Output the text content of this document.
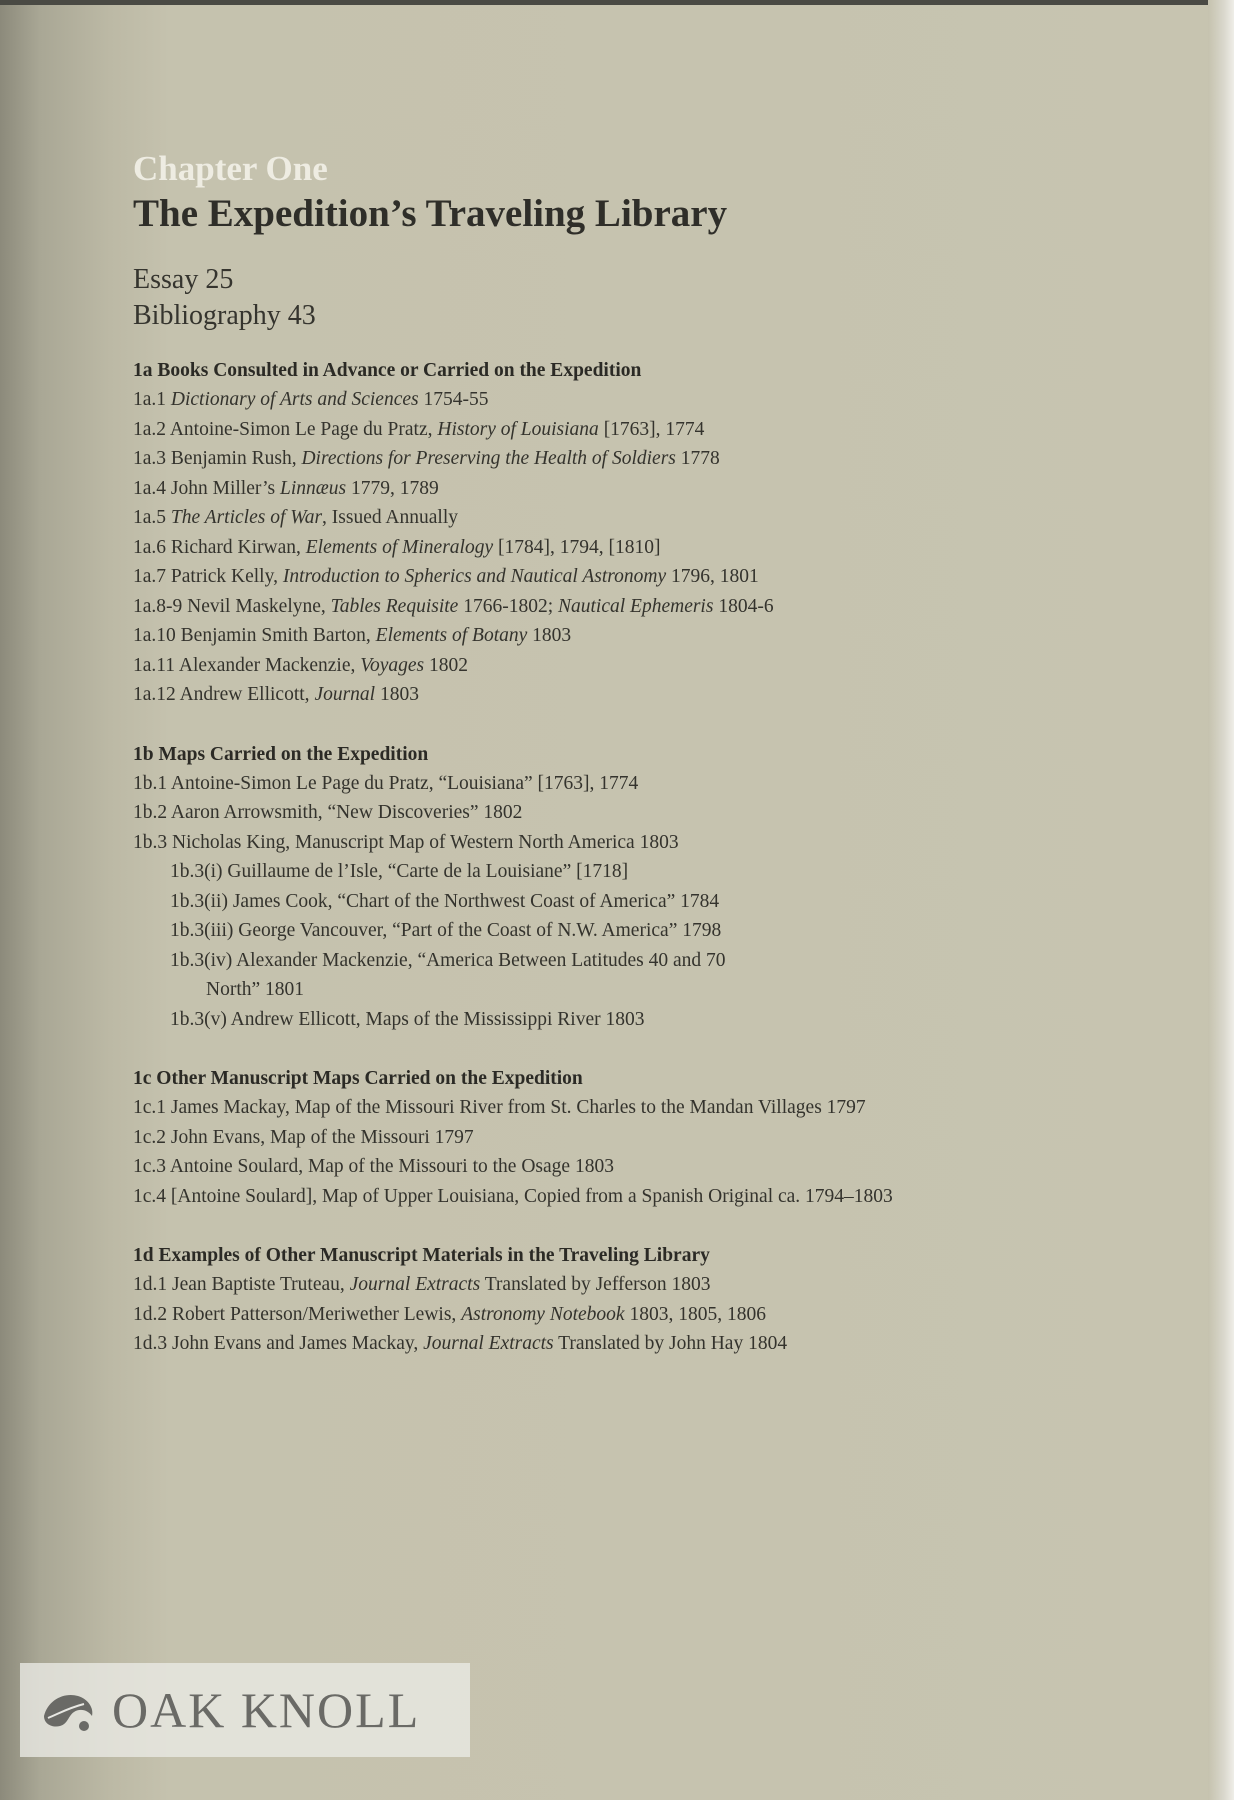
Chapter One
The Expedition’s Traveling Library
Essay 25
Bibliography 43
1a Books Consulted in Advance or Carried on the Expedition
1a.1 Dictionary of Arts and Sciences 1754-55
1a.2 Antoine-Simon Le Page du Pratz, History of Louisiana [1763], 1774
1a.3 Benjamin Rush, Directions for Preserving the Health of Soldiers 1778
1a.4 John Miller’s Linnæus 1779, 1789
1a.5 The Articles of War, Issued Annually
1a.6 Richard Kirwan, Elements of Mineralogy [1784], 1794, [1810]
1a.7 Patrick Kelly, Introduction to Spherics and Nautical Astronomy 1796, 1801
1a.8-9 Nevil Maskelyne, Tables Requisite 1766-1802; Nautical Ephemeris 1804-6
1a.10 Benjamin Smith Barton, Elements of Botany 1803
1a.11 Alexander Mackenzie, Voyages 1802
1a.12 Andrew Ellicott, Journal 1803
1b Maps Carried on the Expedition
1b.1 Antoine-Simon Le Page du Pratz, “Louisiana” [1763], 1774
1b.2 Aaron Arrowsmith, “New Discoveries” 1802
1b.3 Nicholas King, Manuscript Map of Western North America 1803
1b.3(i) Guillaume de l’Isle, “Carte de la Louisiane” [1718]
1b.3(ii) James Cook, “Chart of the Northwest Coast of America” 1784
1b.3(iii) George Vancouver, “Part of the Coast of N.W. America” 1798
1b.3(iv) Alexander Mackenzie, “America Between Latitudes 40 and 70
North” 1801
1b.3(v) Andrew Ellicott, Maps of the Mississippi River 1803
1c Other Manuscript Maps Carried on the Expedition
1c.1 James Mackay, Map of the Missouri River from St. Charles to the Mandan Villages 1797
1c.2 John Evans, Map of the Missouri 1797
1c.3 Antoine Soulard, Map of the Missouri to the Osage 1803
1c.4 [Antoine Soulard], Map of Upper Louisiana, Copied from a Spanish Original ca. 1794–1803
1d Examples of Other Manuscript Materials in the Traveling Library
1d.1 Jean Baptiste Truteau, Journal Extracts Translated by Jefferson 1803
1d.2 Robert Patterson/Meriwether Lewis, Astronomy Notebook 1803, 1805, 1806
1d.3 John Evans and James Mackay, Journal Extracts Translated by John Hay 1804
OAK KNOLL
